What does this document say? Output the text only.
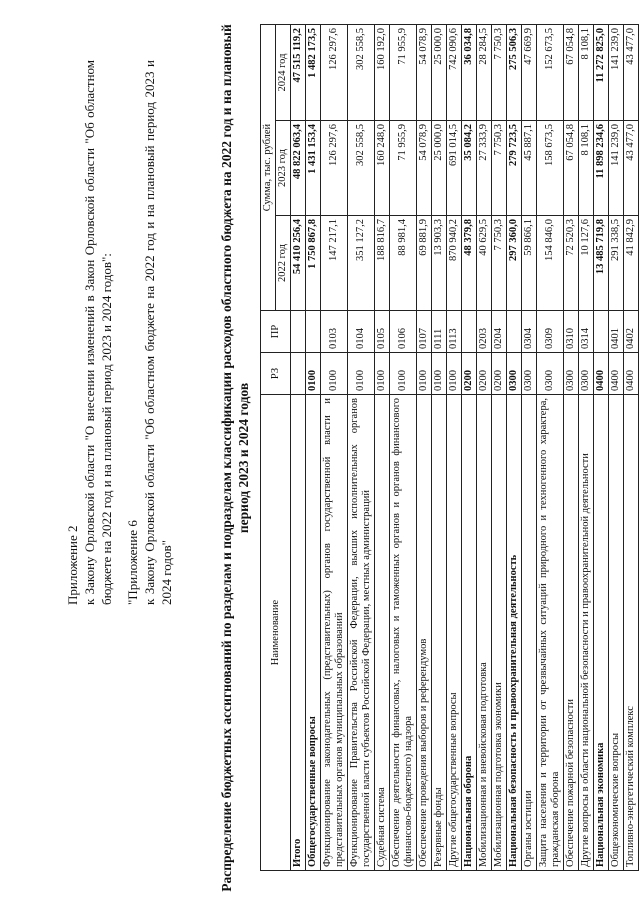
Приложение 2 к Закону Орловской области "О внесении изменений в Закон Орловской области "Об областном бюджете на 2022 год и на плановый период 2023 и 2024 годов": "Приложение 6 к Закону Орловской области "Об областном бюджете на 2022 год и на плановый период 2023 и 2024 годов"	Распределение бюджетных ассигнований по разделам и подразделам классификации расходов областного бюджета на 2022 год и на плановый период 2023 и 2024 годов
Наименование	РЗ	ПР	Сумма, тыс. рублей		
			2022 год	2023 год	2024 год
Итого			54 410 256,4	48 822 063,4	47 515 119,2
Общегосударственные вопросы	0100		1 750 867,8	1 431 153,4	1 482 173,5
Функционирование законодательных (представительных) органов государственной власти и представительных органов муниципальных образований	0100	0103	147 217,1	126 297,6	126 297,6
Функционирование Правительства Российской Федерации, высших исполнительных органов государственной власти субъектов Российской Федерации, местных администраций	0100	0104	351 127,2	302 558,5	302 558,5
Судебная система	0100	0105	188 816,7	160 248,0	160 192,0
Обеспечение деятельности финансовых, налоговых и таможенных органов и органов финансового (финансово-бюджетного) надзора	0100	0106	88 981,4	71 955,9	71 955,9
Обеспечение проведения выборов и референдумов	0100	0107	69 881,9	54 078,9	54 078,9
Резервные фонды	0100	0111	13 903,3	25 000,0	25 000,0
Другие общегосударственные вопросы	0100	0113	870 940,2	691 014,5	742 090,6
Национальная оборона	0200		48 379,8	35 084,2	36 034,8
Мобилизационная и вневойсковая подготовка	0200	0203	40 629,5	27 333,9	28 284,5
Мобилизационная подготовка экономики	0200	0204	7 750,3	7 750,3	7 750,3
Национальная безопасность и правоохранительная деятельность	0300		297 360,0	279 723,5	275 506,3
Органы юстиции	0300	0304	59 866,1	45 887,1	47 669,9
Защита населения и территории от чрезвычайных ситуаций природного и техногенного характера, гражданская оборона	0300	0309	154 846,0	158 673,5	152 673,5
Обеспечение пожарной безопасности	0300	0310	72 520,3	67 054,8	67 054,8
Другие вопросы в области национальной безопасности и правоохранительной деятельности	0300	0314	10 127,6	8 108,1	8 108,1
Национальная экономика	0400		13 485 719,8	11 898 234,6	11 272 825,0
Общеэкономические вопросы	0400	0401	291 338,5	141 239,0	141 239,0
Топливно-энергетический комплекс	0400	0402	41 842,9	43 477,0	43 477,0
